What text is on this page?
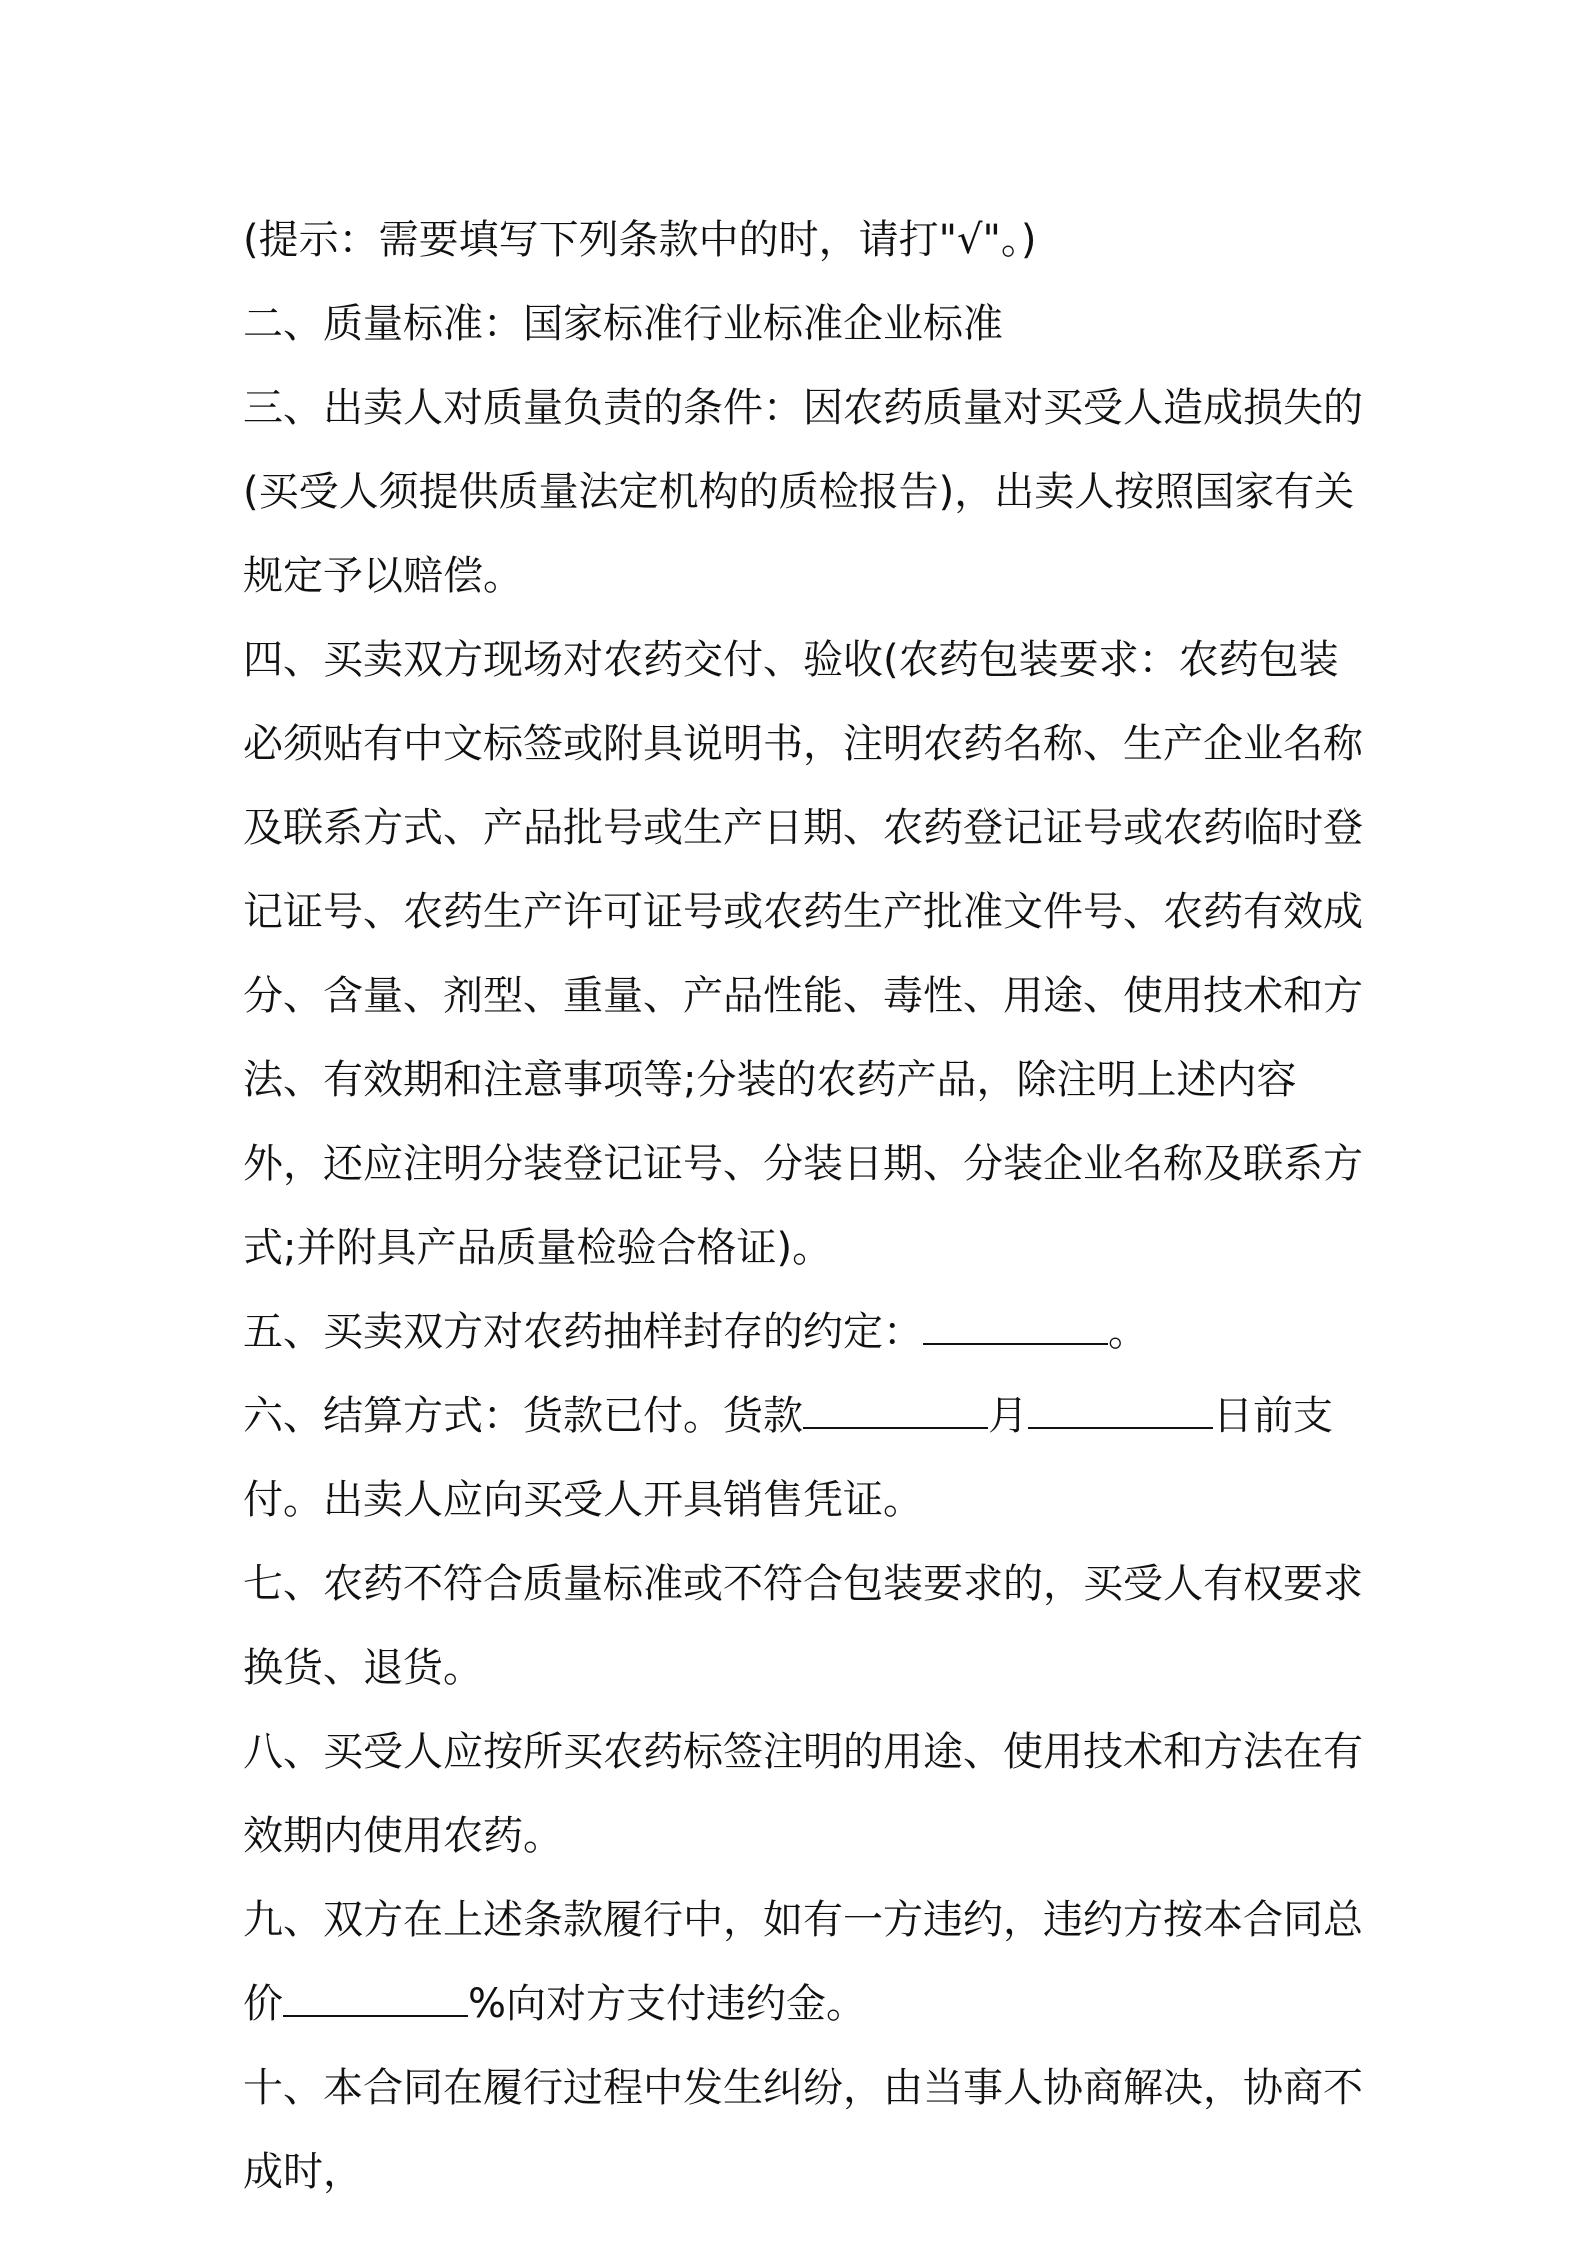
(提示：需要填写下列条款中的时，请打"√"。)

二、质量标准：国家标准行业标准企业标准

三、出卖人对质量负责的条件：因农药质量对买受人造成损失的(买受人须提供质量法定机构的质检报告)，出卖人按照国家有关规定予以赔偿。

四、买卖双方现场对农药交付、验收(农药包装要求：农药包装必须贴有中文标签或附具说明书，注明农药名称、生产企业名称及联系方式、产品批号或生产日期、农药登记证号或农药临时登记证号、农药生产许可证号或农药生产批准文件号、农药有效成分、含量、剂型、重量、产品性能、毒性、用途、使用技术和方法、有效期和注意事项等;分装的农药产品，除注明上述内容外，还应注明分装登记证号、分装日期、分装企业名称及联系方式;并附具产品质量检验合格证)。

五、买卖双方对农药抽样封存的约定：	。

六、结算方式：货款已付。货款	月	日前支付。出卖人应向买受人开具销售凭证。

七、农药不符合质量标准或不符合包装要求的，买受人有权要求换货、退货。

八、买受人应按所买农药标签注明的用途、使用技术和方法在有效期内使用农药。

九、双方在上述条款履行中，如有一方违约，违约方按本合同总价	%向对方支付违约金。

十、本合同在履行过程中发生纠纷，由当事人协商解决，协商不成时，
